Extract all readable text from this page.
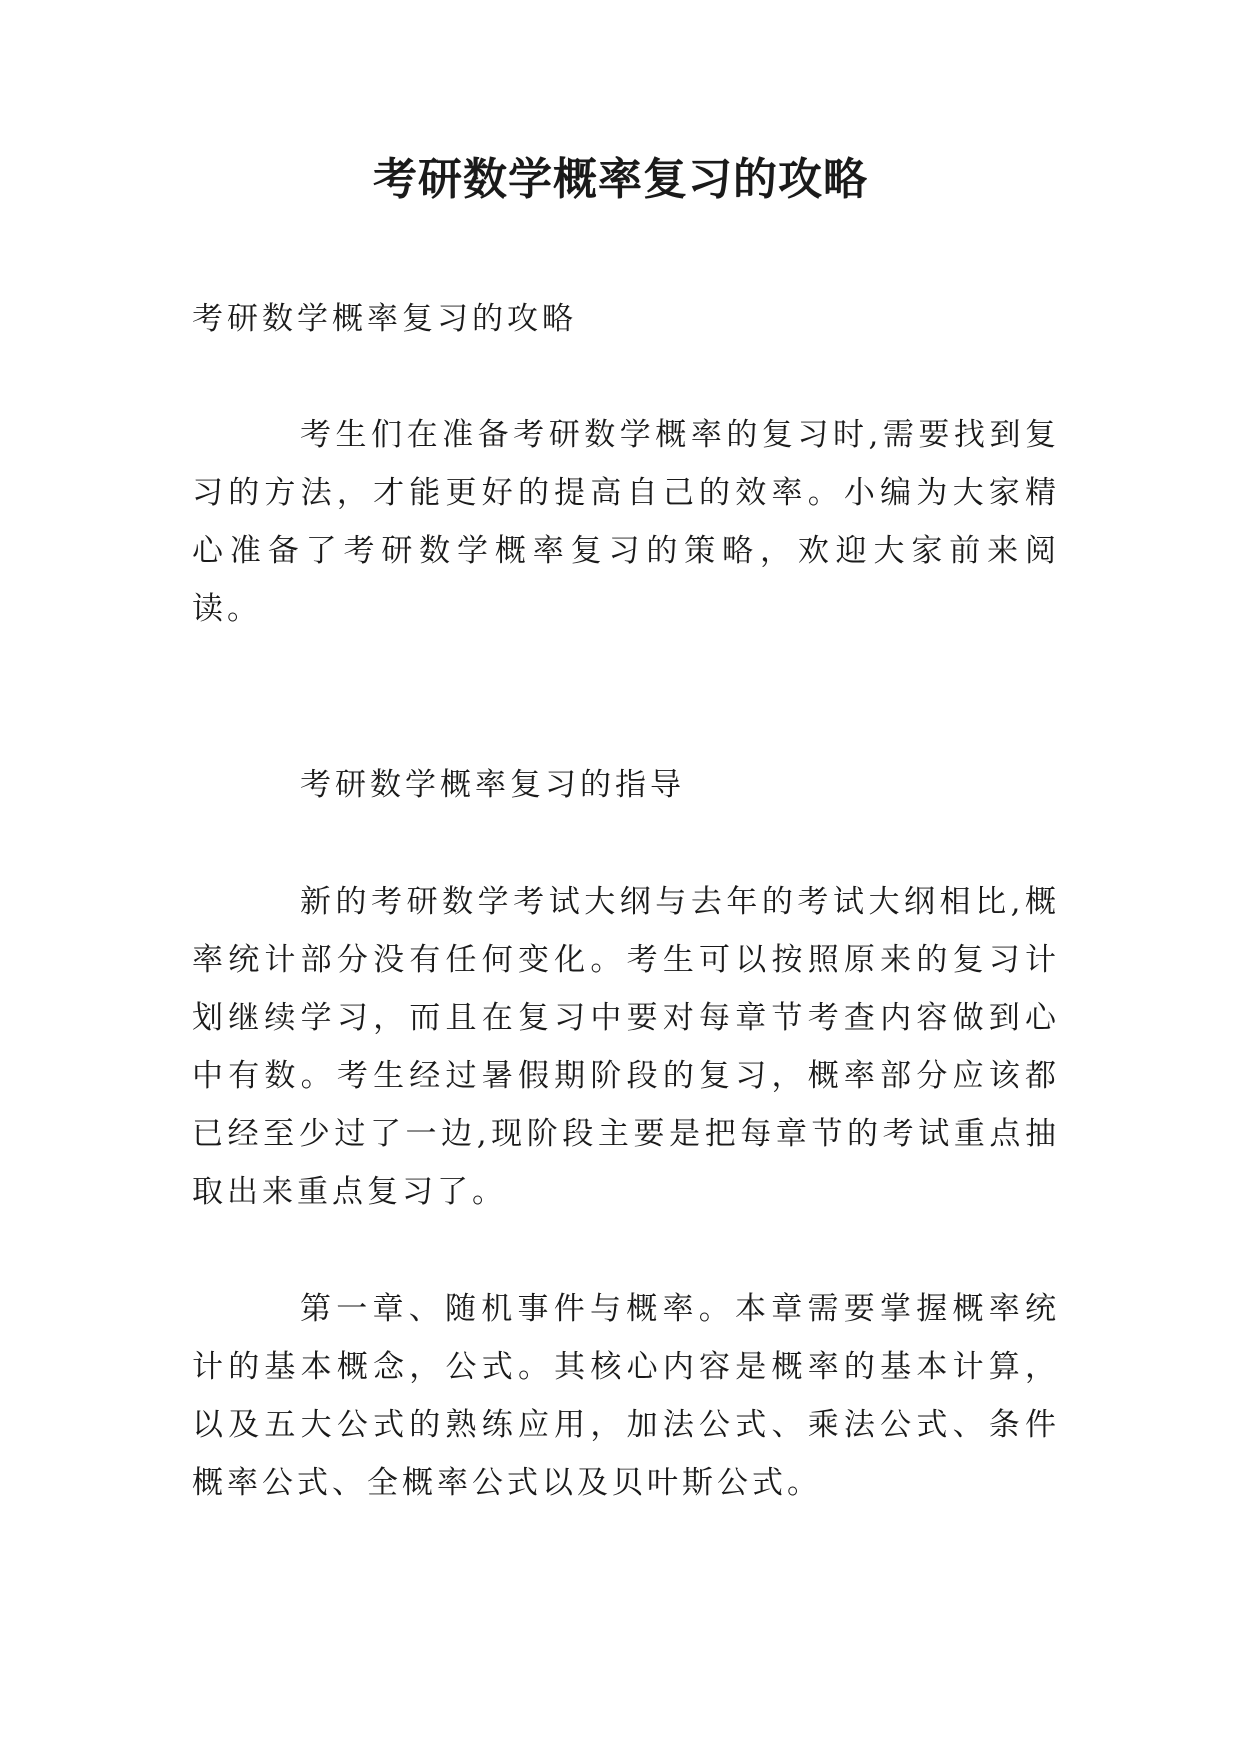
考研数学概率复习的攻略

考研数学概率复习的攻略

考生们在准备考研数学概率的复习时,需要找到复习的方法，才能更好的提高自己的效率。小编为大家精心准备了考研数学概率复习的策略，欢迎大家前来阅读。

考研数学概率复习的指导

新的考研数学考试大纲与去年的考试大纲相比,概率统计部分没有任何变化。考生可以按照原来的复习计划继续学习，而且在复习中要对每章节考查内容做到心中有数。考生经过暑假期阶段的复习，概率部分应该都已经至少过了一边,现阶段主要是把每章节的考试重点抽取出来重点复习了。

第一章、随机事件与概率。本章需要掌握概率统计的基本概念，公式。其核心内容是概率的基本计算，以及五大公式的熟练应用，加法公式、乘法公式、条件概率公式、全概率公式以及贝叶斯公式。
